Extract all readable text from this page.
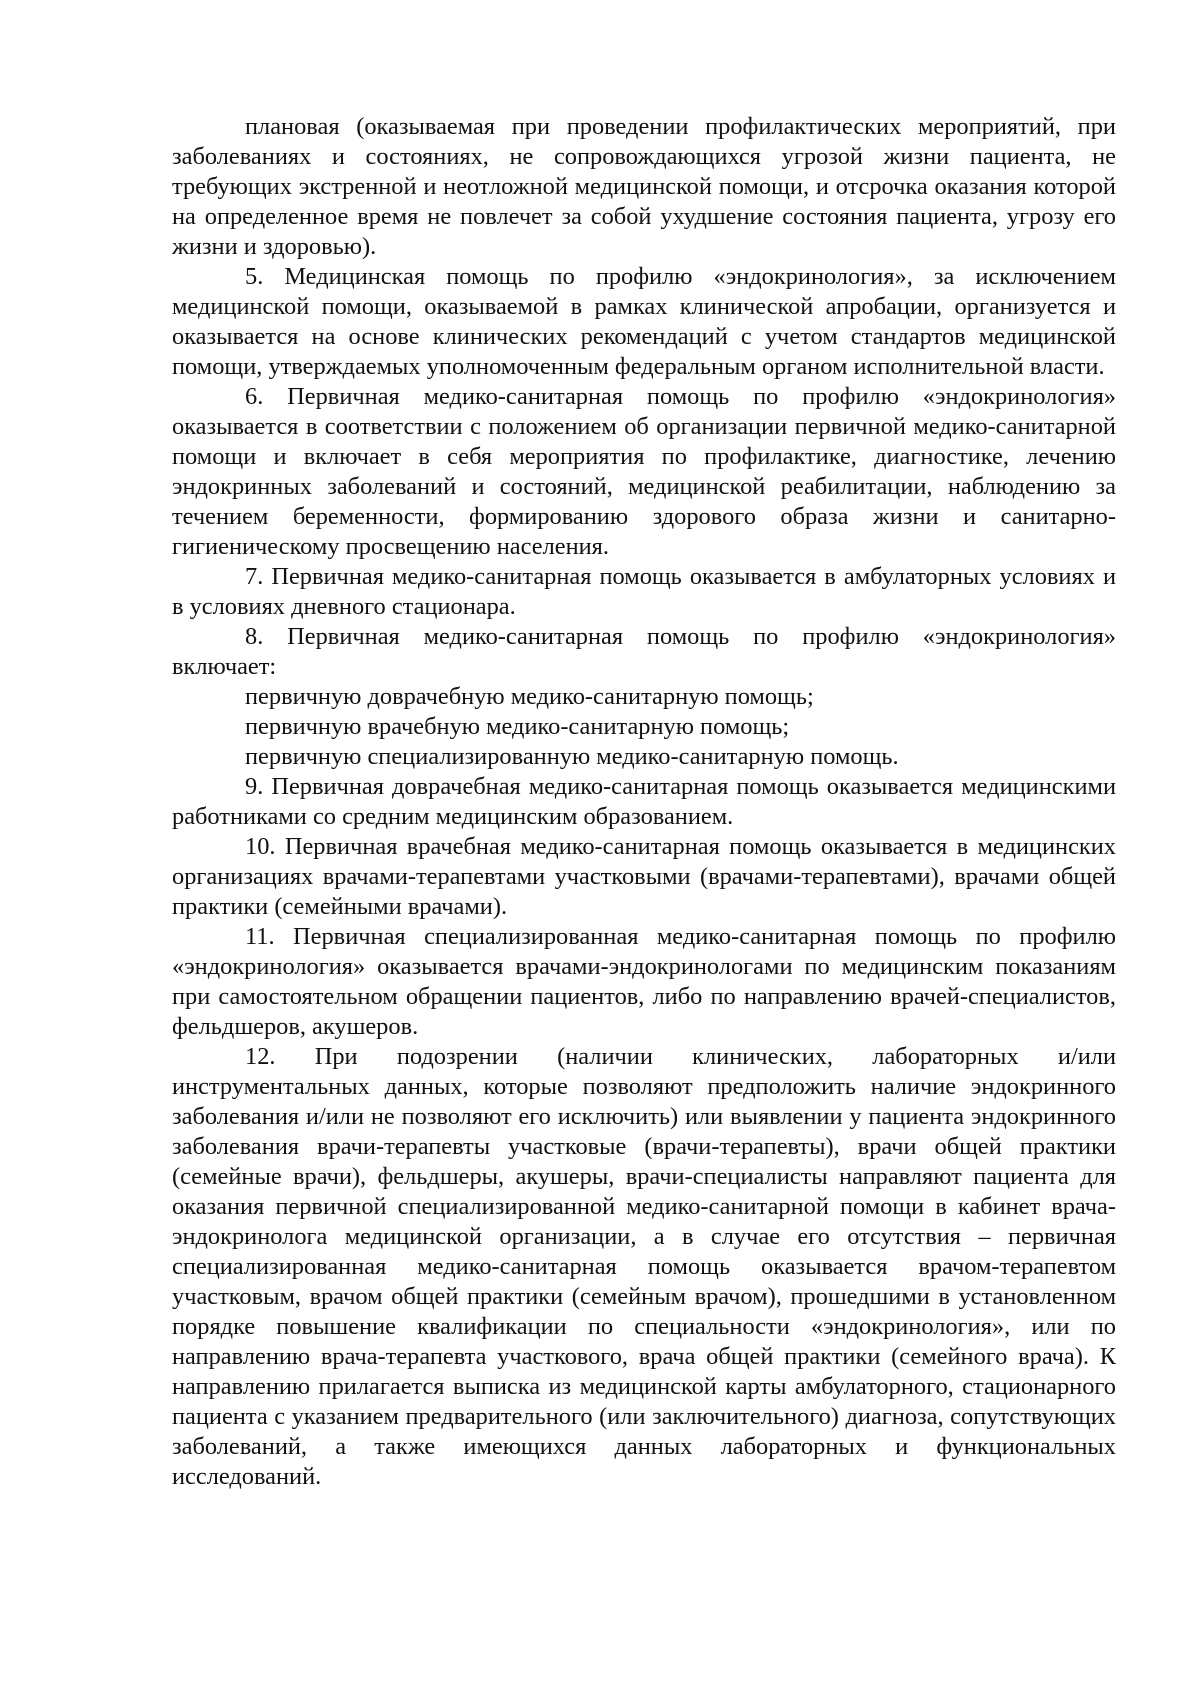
плановая (оказываемая при проведении профилактических мероприятий, при заболеваниях и состояниях, не сопровождающихся угрозой жизни пациента, не требующих экстренной и неотложной медицинской помощи, и отсрочка оказания которой на определенное время не повлечет за собой ухудшение состояния пациента, угрозу его жизни и здоровью).

5. Медицинская помощь по профилю «эндокринология», за исключением медицинской помощи, оказываемой в рамках клинической апробации, организуется и оказывается на основе клинических рекомендаций с учетом стандартов медицинской помощи, утверждаемых уполномоченным федеральным органом исполнительной власти.

6. Первичная медико-санитарная помощь по профилю «эндокринология» оказывается в соответствии с положением об организации первичной медико-санитарной помощи и включает в себя мероприятия по профилактике, диагностике, лечению эндокринных заболеваний и состояний, медицинской реабилитации, наблюдению за течением беременности, формированию здорового образа жизни и санитарно-гигиеническому просвещению населения.

7. Первичная медико-санитарная помощь оказывается в амбулаторных условиях и в условиях дневного стационара.

8. Первичная медико-санитарная помощь по профилю «эндокринология» включает:

первичную доврачебную медико-санитарную помощь;

первичную врачебную медико-санитарную помощь;

первичную специализированную медико-санитарную помощь.

9. Первичная доврачебная медико-санитарная помощь оказывается медицинскими работниками со средним медицинским образованием.

10. Первичная врачебная медико-санитарная помощь оказывается в медицинских организациях врачами-терапевтами участковыми (врачами-терапевтами), врачами общей практики (семейными врачами).

11. Первичная специализированная медико-санитарная помощь по профилю «эндокринология» оказывается врачами-эндокринологами по медицинским показаниям при самостоятельном обращении пациентов, либо по направлению врачей-специалистов, фельдшеров, акушеров.

12. При подозрении (наличии клинических, лабораторных и/или инструментальных данных, которые позволяют предположить наличие эндокринного заболевания и/или не позволяют его исключить) или выявлении у пациента эндокринного заболевания врачи-терапевты участковые (врачи-терапевты), врачи общей практики (семейные врачи), фельдшеры, акушеры, врачи-специалисты направляют пациента для оказания первичной специализированной медико-санитарной помощи в кабинет врача-эндокринолога медицинской организации, а в случае его отсутствия – первичная специализированная медико-санитарная помощь оказывается врачом-терапевтом участковым, врачом общей практики (семейным врачом), прошедшими в установленном порядке повышение квалификации по специальности «эндокринология», или по направлению врача-терапевта участкового, врача общей практики (семейного врача). К направлению прилагается выписка из медицинской карты амбулаторного, стационарного пациента с указанием предварительного (или заключительного) диагноза, сопутствующих заболеваний, а также имеющихся данных лабораторных и функциональных исследований.
